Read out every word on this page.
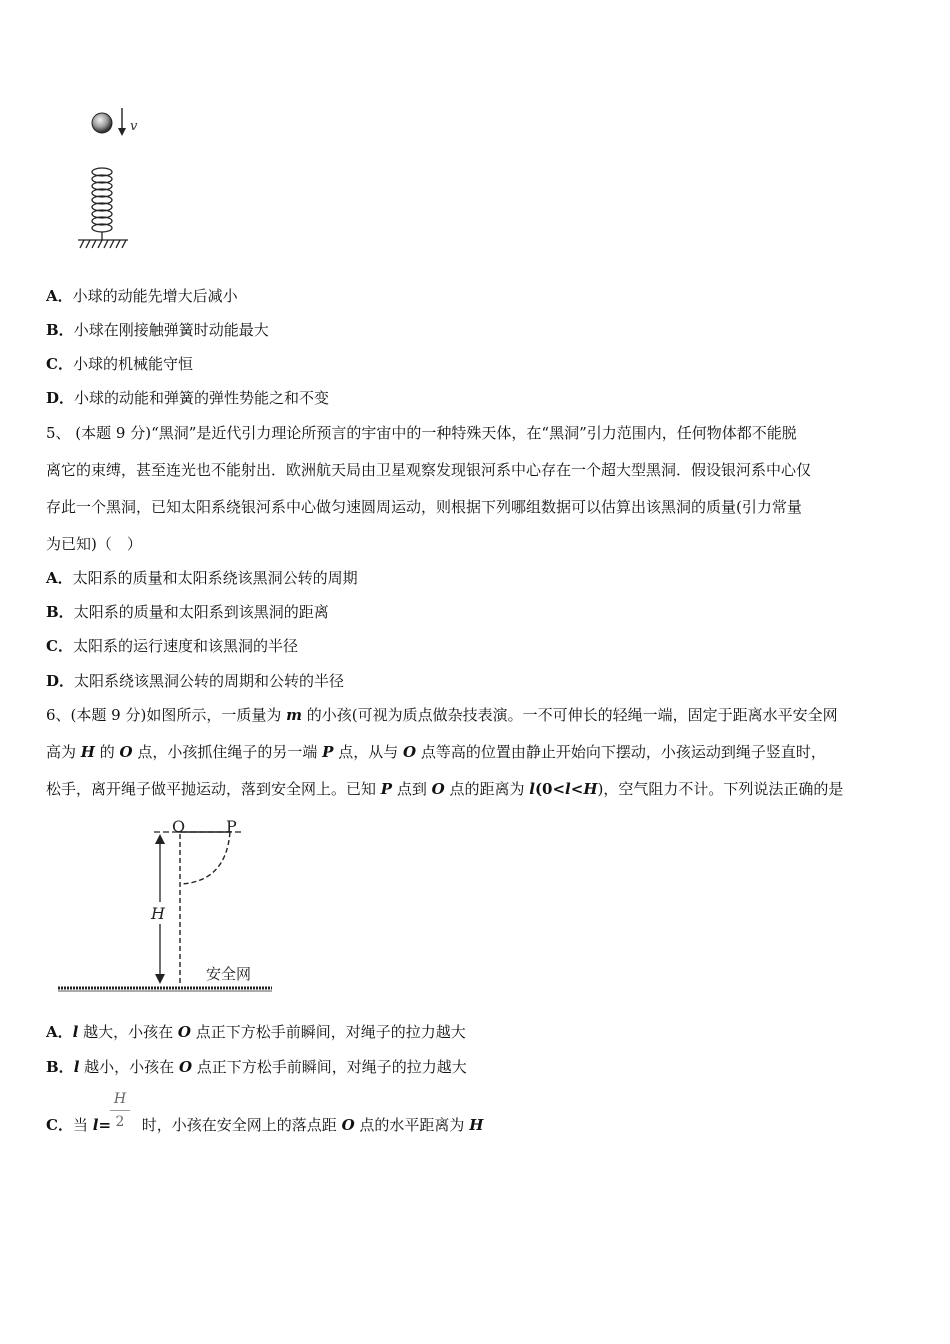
v
A．小球的动能先增大后减小
B．小球在刚接触弹簧时动能最大
C．小球的机械能守恒
D．小球的动能和弹簧的弹性势能之和不变
5、 (本题 9 分)“黑洞”是近代引力理论所预言的宇宙中的一种特殊天体，在“黑洞”引力范围内，任何物体都不能脱
离它的束缚，甚至连光也不能射出．欧洲航天局由卫星观察发现银河系中心存在一个超大型黑洞．假设银河系中心仅
存此一个黑洞，已知太阳系绕银河系中心做匀速圆周运动，则根据下列哪组数据可以估算出该黑洞的质量(引力常量
为已知)（　）
A．太阳系的质量和太阳系绕该黑洞公转的周期
B．太阳系的质量和太阳系到该黑洞的距离
C．太阳系的运行速度和该黑洞的半径
D．太阳系绕该黑洞公转的周期和公转的半径
6、(本题 9 分)如图所示，一质量为 m 的小孩(可视为质点做杂技表演。一不可伸长的轻绳一端，固定于距离水平安全网
高为 H 的 O 点，小孩抓住绳子的另一端 P 点，从与 O 点等高的位置由静止开始向下摆动，小孩运动到绳子竖直时，
松手，离开绳子做平抛运动，落到安全网上。已知 P 点到 O 点的距离为 l(0<l<H)，空气阻力不计。下列说法正确的是
O	P
H
安全网
A．l 越大，小孩在 O 点正下方松手前瞬间，对绳子的拉力越大
B．l 越小，小孩在 O 点正下方松手前瞬间，对绳子的拉力越大
C．当 l= 时，小孩在安全网上的落点距 O 点的水平距离为 H
H
2
